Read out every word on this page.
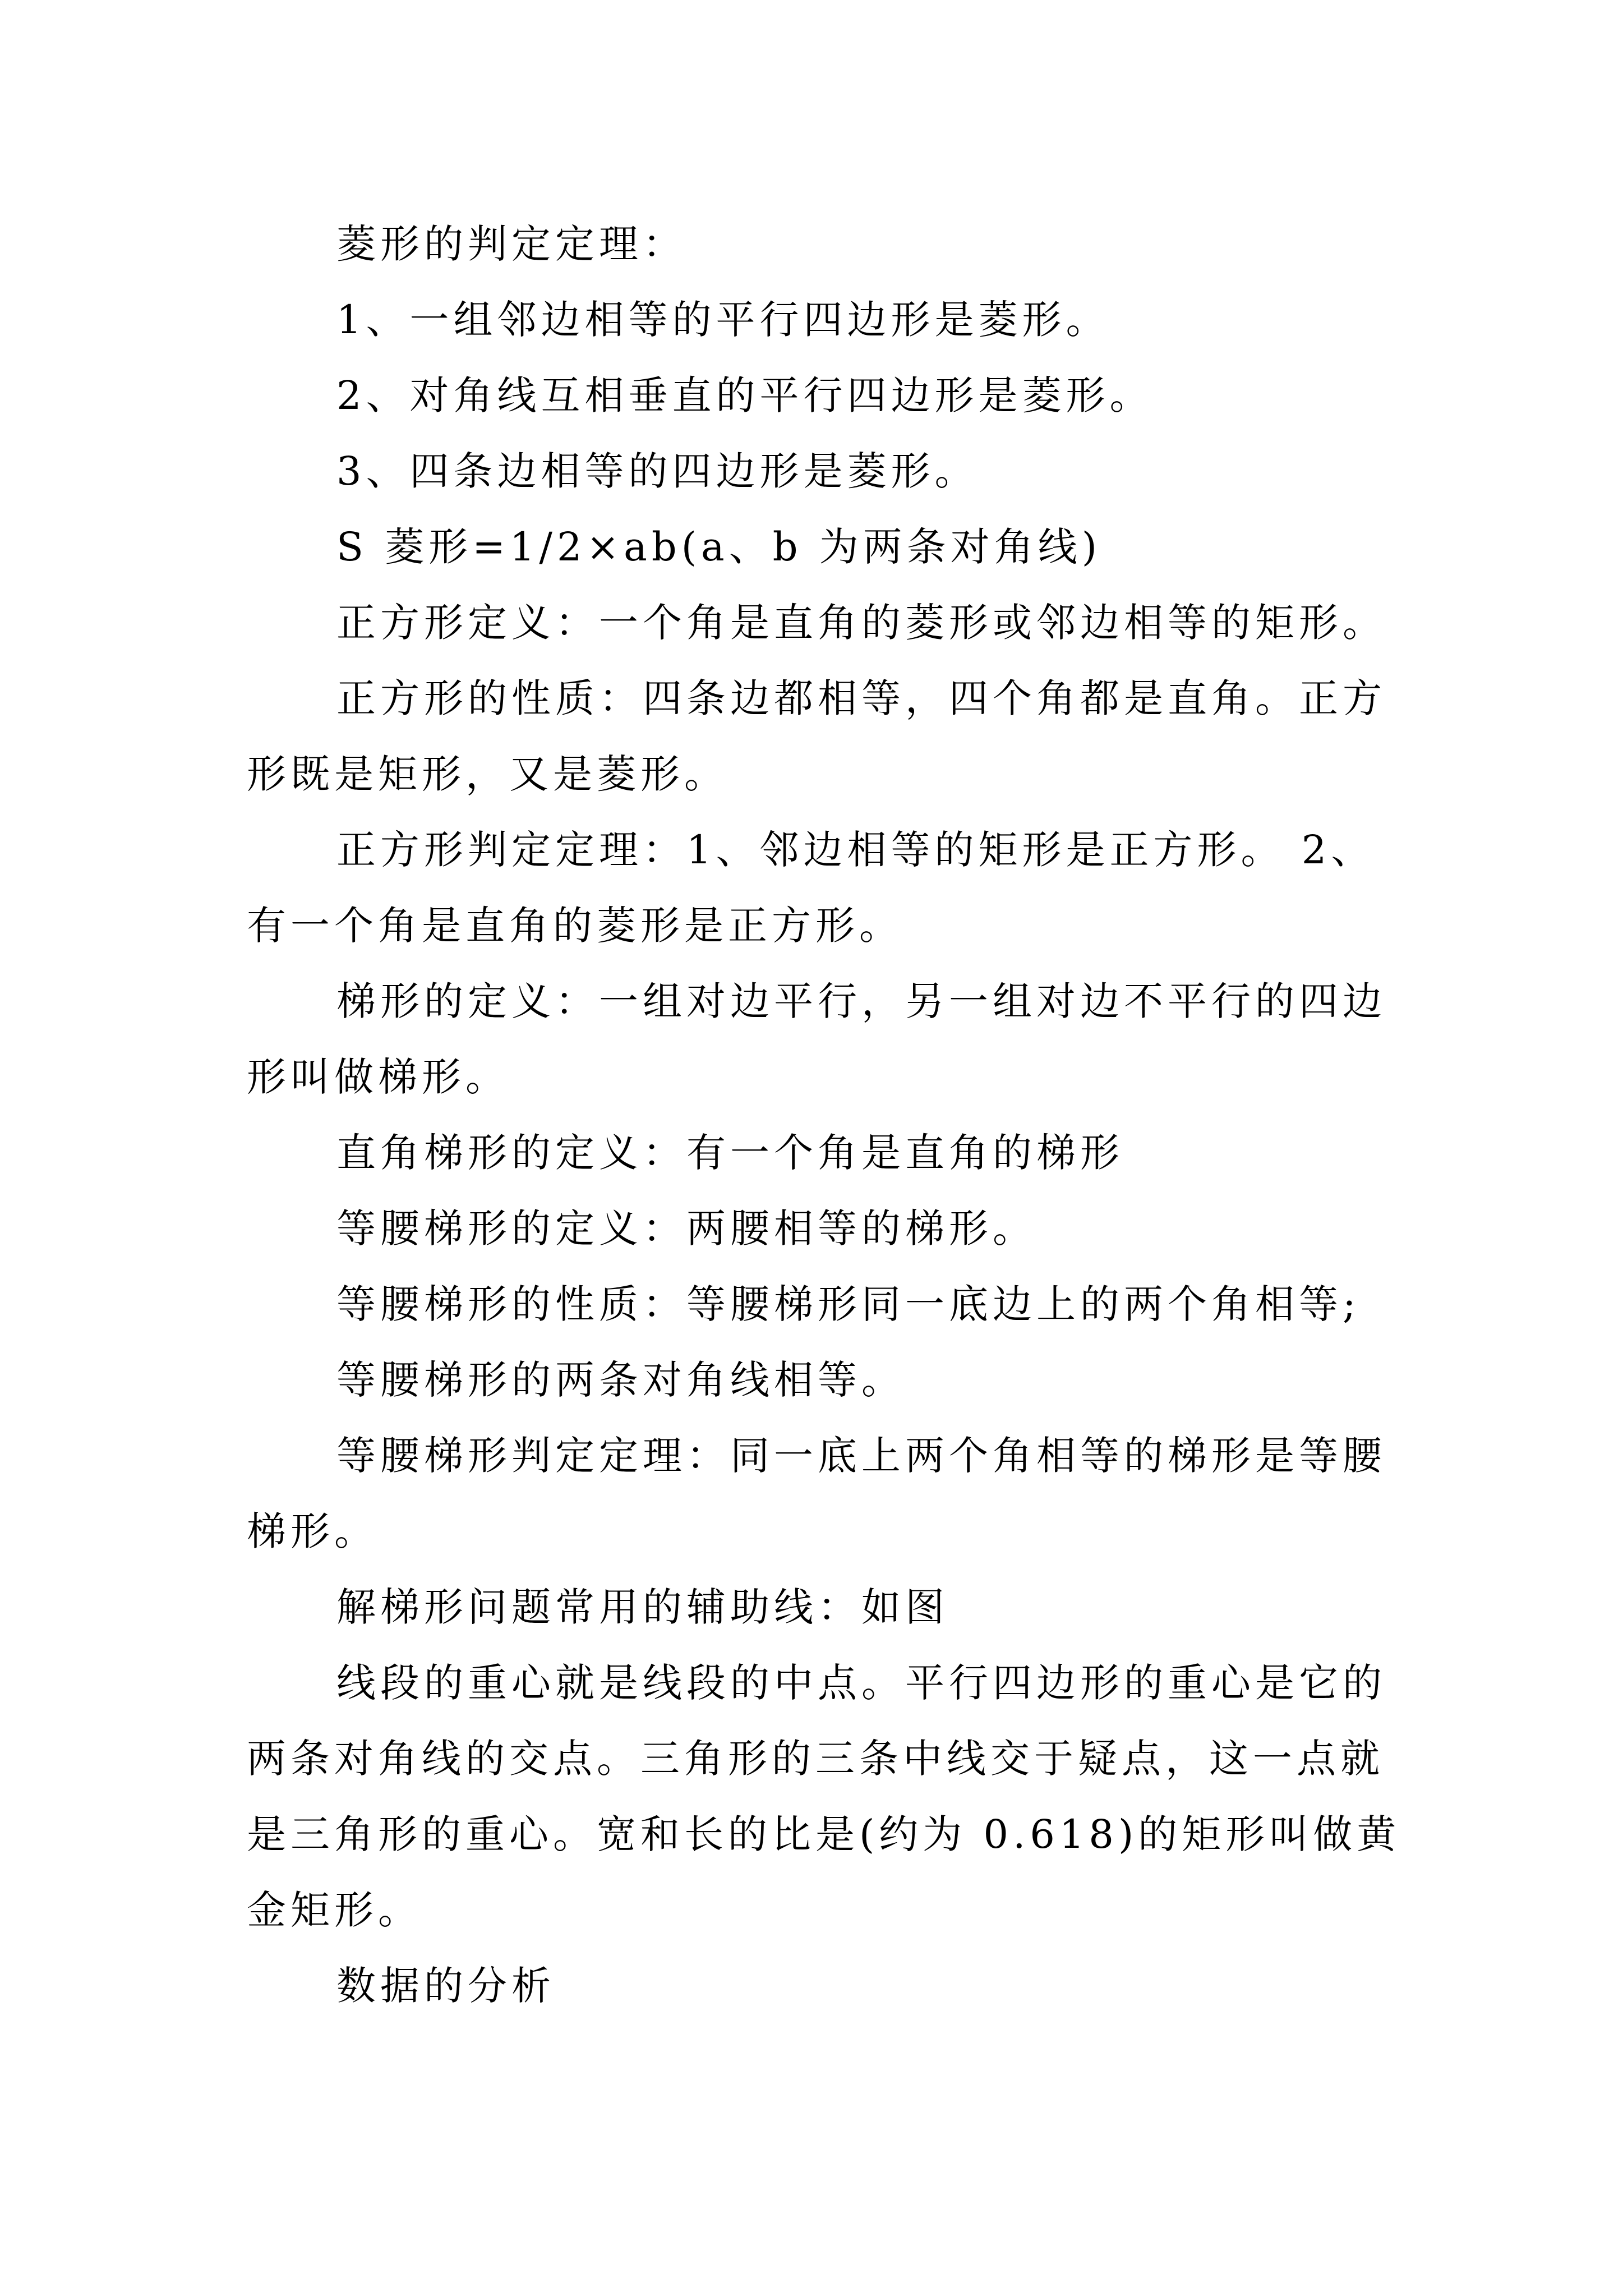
菱形的判定定理：
1、一组邻边相等的平行四边形是菱形。
2、对角线互相垂直的平行四边形是菱形。
3、四条边相等的四边形是菱形。
S 菱形=1/2×ab(a、b 为两条对角线)
正方形定义：一个角是直角的菱形或邻边相等的矩形。
正方形的性质：四条边都相等，四个角都是直角。正方
形既是矩形，又是菱形。
正方形判定定理：1、邻边相等的矩形是正方形。 2、
有一个角是直角的菱形是正方形。
梯形的定义：一组对边平行，另一组对边不平行的四边
形叫做梯形。
直角梯形的定义：有一个角是直角的梯形
等腰梯形的定义：两腰相等的梯形。
等腰梯形的性质：等腰梯形同一底边上的两个角相等;
等腰梯形的两条对角线相等。
等腰梯形判定定理：同一底上两个角相等的梯形是等腰
梯形。
解梯形问题常用的辅助线：如图
线段的重心就是线段的中点。平行四边形的重心是它的
两条对角线的交点。三角形的三条中线交于疑点，这一点就
是三角形的重心。宽和长的比是(约为 0.618)的矩形叫做黄
金矩形。
数据的分析
